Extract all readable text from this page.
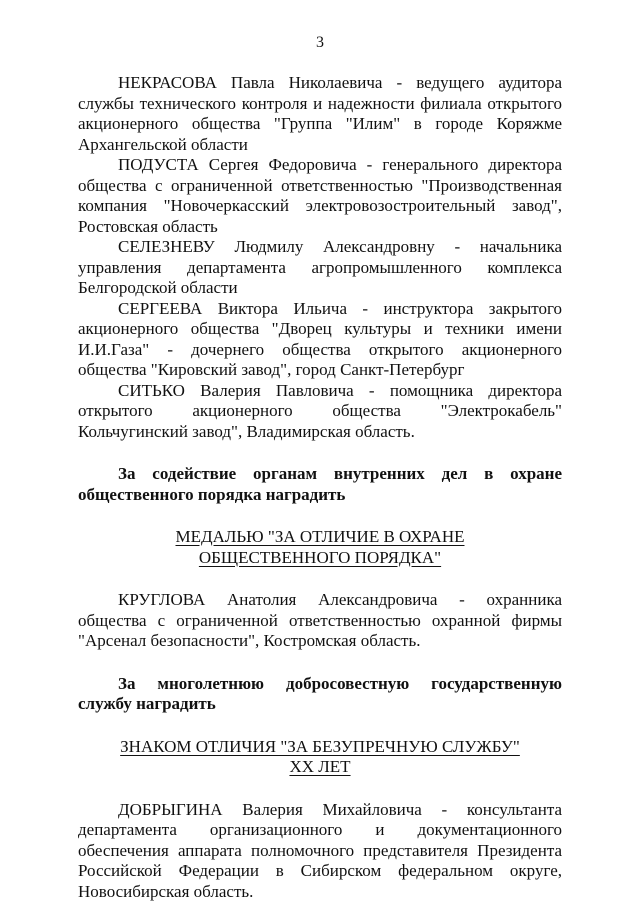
3

НЕКРАСОВА Павла Николаевича - ведущего аудитора службы технического контроля и надежности филиала открытого акционерного общества "Группа "Илим" в городе Коряжме Архангельской области

ПОДУСТА Сергея Федоровича - генерального директора общества с ограниченной ответственностью "Производственная компания "Новочеркасский электровозостроительный завод", Ростовская область

СЕЛЕЗНЕВУ Людмилу Александровну - начальника управления департамента агропромышленного комплекса Белгородской области

СЕРГЕЕВА Виктора Ильича - инструктора закрытого акционерного общества "Дворец культуры и техники имени И.И.Газа" - дочернего общества открытого акционерного общества "Кировский завод", город Санкт-Петербург

СИТЬКО Валерия Павловича - помощника директора открытого акционерного общества "Электрокабель" Кольчугинский завод", Владимирская область.

За содействие органам внутренних дел в охране общественного порядка наградить

МЕДАЛЬЮ "ЗА ОТЛИЧИЕ В ОХРАНЕ

ОБЩЕСТВЕННОГО ПОРЯДКА"

КРУГЛОВА Анатолия Александровича - охранника общества с ограниченной ответственностью охранной фирмы "Арсенал безопасности", Костромская область.

За многолетнюю добросовестную государственную службу наградить

ЗНАКОМ ОТЛИЧИЯ "ЗА БЕЗУПРЕЧНУЮ СЛУЖБУ"

XX ЛЕТ

ДОБРЫГИНА Валерия Михайловича - консультанта департамента организационного и документационного обеспечения аппарата полномочного представителя Президента Российской Федерации в Сибирском федеральном округе, Новосибирская область.
